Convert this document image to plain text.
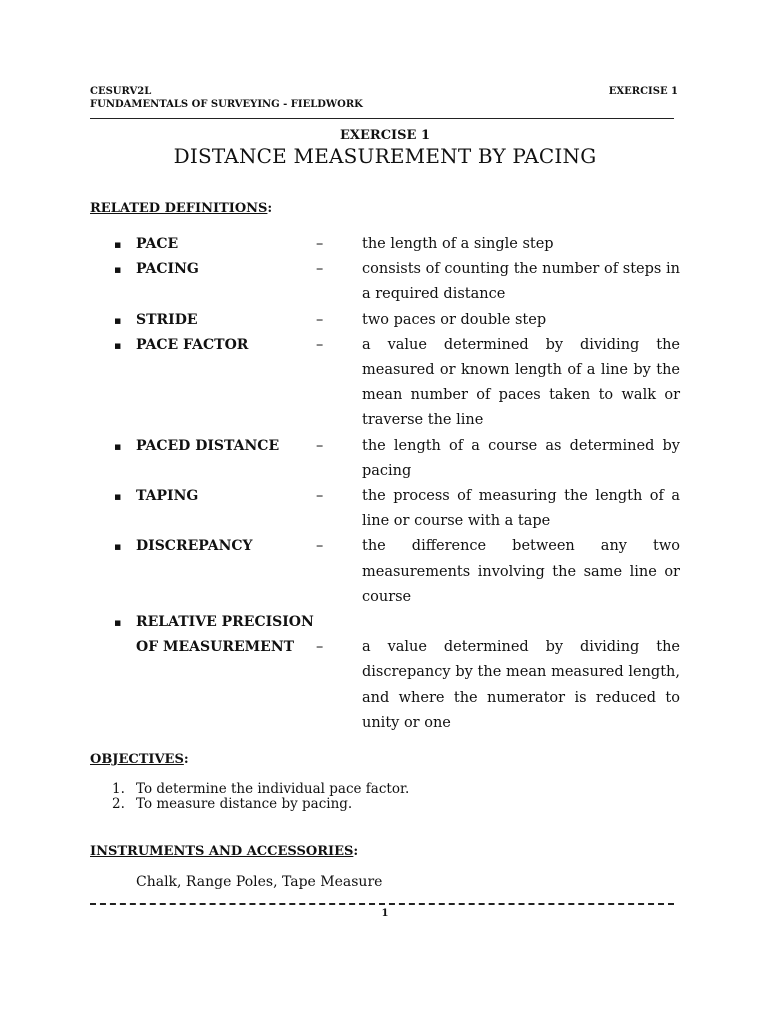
CESURV2L
FUNDAMENTALS OF SURVEYING - FIELDWORK
EXERCISE 1
EXERCISE 1
DISTANCE MEASUREMENT BY PACING
RELATED DEFINITIONS:
▪ PACE	–	the length of a single step
▪ PACING	–	consists of counting the number of steps in a required distance
▪ STRIDE	–	two paces or double step
▪ PACE FACTOR	–	a value determined by dividing the measured or known length of a line by the mean number of paces taken to walk or traverse the line
▪ PACED DISTANCE	–	the length of a course as determined by pacing
▪ TAPING	–	the process of measuring the length of a line or course with a tape
▪ DISCREPANCY	–	the difference between any two measurements involving the same line or course
▪ RELATIVE PRECISION
OF MEASUREMENT –	a value determined by dividing the discrepancy by the mean measured length, and where the numerator is reduced to unity or one
OBJECTIVES:
1. To determine the individual pace factor.
2. To measure distance by pacing.
INSTRUMENTS AND ACCESSORIES:
Chalk, Range Poles, Tape Measure
1
